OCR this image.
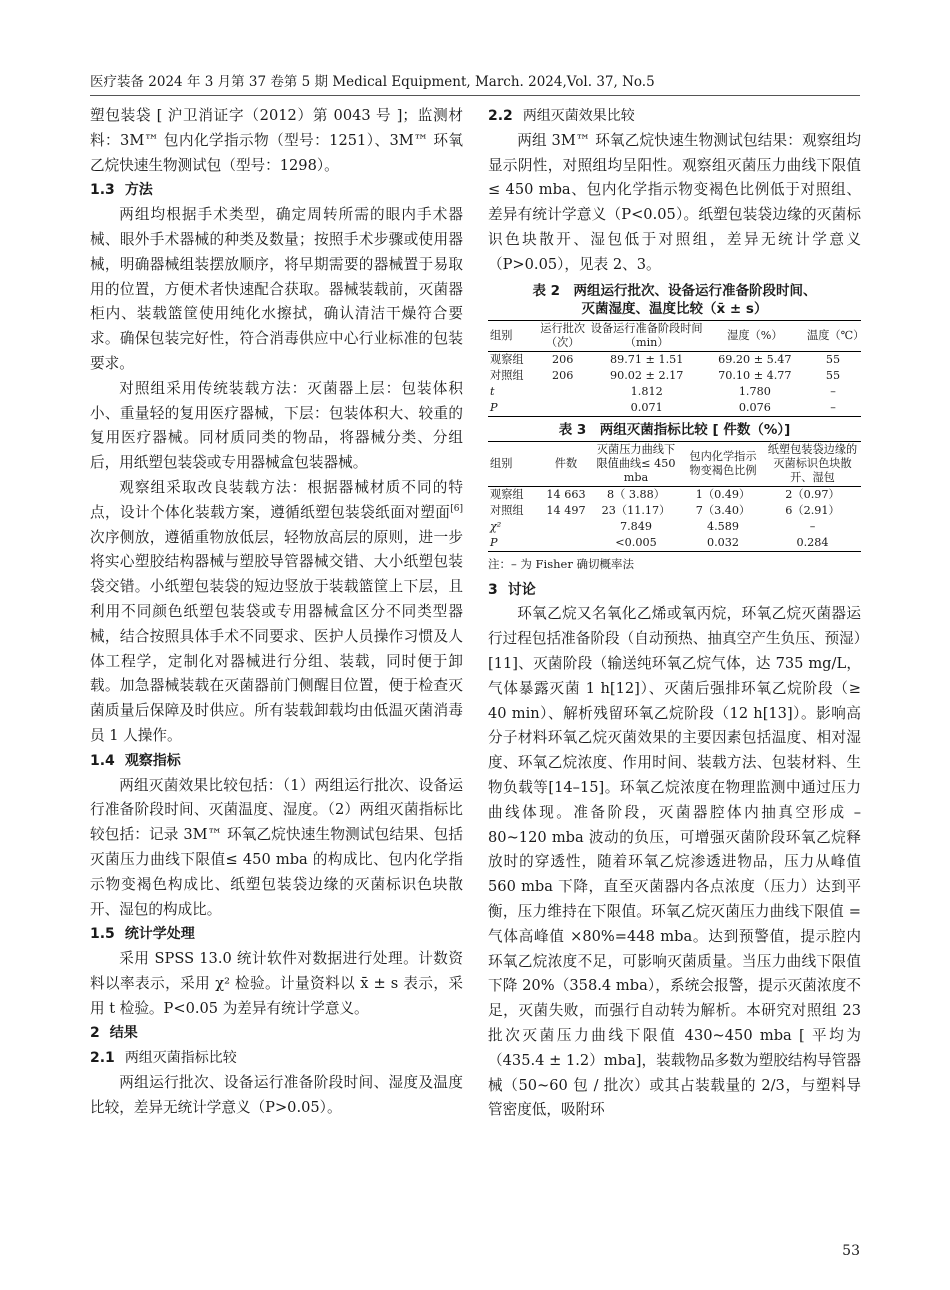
医疗装备 2024 年 3 月第 37 卷第 5 期 Medical Equipment, March. 2024,Vol. 37, No.5

塑包装袋 [ 沪卫消证字（2012）第 0043 号 ]；监测材料：3M™ 包内化学指示物（型号：1251）、3M™ 环氧乙烷快速生物测试包（型号：1298）。

1.3 方法

两组均根据手术类型，确定周转所需的眼内手术器械、眼外手术器械的种类及数量；按照手术步骤或使用器械，明确器械组装摆放顺序，将早期需要的器械置于易取用的位置，方便术者快速配合获取。器械装载前，灭菌器柜内、装载篮筐使用纯化水擦拭，确认清洁干燥符合要求。确保包装完好性，符合消毒供应中心行业标准的包装要求。

对照组采用传统装载方法：灭菌器上层：包装体积小、重量轻的复用医疗器械，下层：包装体积大、较重的复用医疗器械。同材质同类的物品，将器械分类、分组后，用纸塑包装袋或专用器械盒包装器械。

观察组采取改良装载方法：根据器械材质不同的特点，设计个体化装载方案，遵循纸塑包装袋纸面对塑面[6]次序侧放，遵循重物放低层，轻物放高层的原则，进一步将实心塑胶结构器械与塑胶导管器械交错、大小纸塑包装袋交错。小纸塑包装袋的短边竖放于装载篮筐上下层，且利用不同颜色纸塑包装袋或专用器械盒区分不同类型器械，结合按照具体手术不同要求、医护人员操作习惯及人体工程学，定制化对器械进行分组、装载，同时便于卸载。加急器械装载在灭菌器前门侧醒目位置，便于检查灭菌质量后保障及时供应。所有装载卸载均由低温灭菌消毒员 1 人操作。

1.4 观察指标

两组灭菌效果比较包括：（1）两组运行批次、设备运行准备阶段时间、灭菌温度、湿度。（2）两组灭菌指标比较包括：记录 3M™ 环氧乙烷快速生物测试包结果、包括灭菌压力曲线下限值≤ 450 mba 的构成比、包内化学指示物变褐色构成比、纸塑包装袋边缘的灭菌标识色块散开、湿包的构成比。

1.5 统计学处理

采用 SPSS 13.0 统计软件对数据进行处理。计数资料以率表示，采用 χ² 检验。计量资料以 x̄ ± s 表示，采用 t 检验。P<0.05 为差异有统计学意义。

2 结果

2.1 两组灭菌指标比较

两组运行批次、设备运行准备阶段时间、湿度及温度比较，差异无统计学意义（P>0.05）。

2.2 两组灭菌效果比较

两组 3M™ 环氧乙烷快速生物测试包结果：观察组均显示阴性，对照组均呈阳性。观察组灭菌压力曲线下限值≤ 450 mba、包内化学指示物变褐色比例低于对照组、差异有统计学意义（P<0.05）。纸塑包装袋边缘的灭菌标识色块散开、湿包低于对照组，差异无统计学意义（P>0.05），见表 2、3。

表 2　两组运行批次、设备运行准备阶段时间、
灭菌湿度、温度比较（x̄ ± s）
组别	运行批次（次）	设备运行准备阶段时间（min）	湿度（%）	温度（℃）
观察组	206	89.71 ± 1.51	69.20 ± 5.47	55
对照组	206	90.02 ± 2.17	70.10 ± 4.77	55
t		1.812	1.780	–
P		0.071	0.076	–
表 3　两组灭菌指标比较 [ 件数（%）]
组别	件数	灭菌压力曲线下限值曲线≤ 450 mba	包内化学指示物变褐色比例	纸塑包装袋边缘的灭菌标识色块散开、湿包
观察组	14 663	8（ 3.88）	1（0.49）	2（0.97）
对照组	14 497	23（11.17）	7（3.40）	6（2.91）
χ²		7.849	4.589	–
P		<0.005	0.032	0.284
注：– 为 Fisher 确切概率法

3 讨论

环氧乙烷又名氧化乙烯或氧丙烷，环氧乙烷灭菌器运行过程包括准备阶段（自动预热、抽真空产生负压、预湿）[11]、灭菌阶段（输送纯环氧乙烷气体，达 735 mg/L，气体暴露灭菌 1 h[12]）、灭菌后强排环氧乙烷阶段（≥ 40 min）、解析残留环氧乙烷阶段（12 h[13]）。影响高分子材料环氧乙烷灭菌效果的主要因素包括温度、相对湿度、环氧乙烷浓度、作用时间、装载方法、包装材料、生物负载等[14–15]。环氧乙烷浓度在物理监测中通过压力曲线体现。准备阶段，灭菌器腔体内抽真空形成 –80~120 mba 波动的负压，可增强灭菌阶段环氧乙烷释放时的穿透性，随着环氧乙烷渗透进物品，压力从峰值 560 mba 下降，直至灭菌器内各点浓度（压力）达到平衡，压力维持在下限值。环氧乙烷灭菌压力曲线下限值 = 气体高峰值 ×80%=448 mba。达到预警值，提示腔内环氧乙烷浓度不足，可影响灭菌质量。当压力曲线下限值下降 20%（358.4 mba），系统会报警，提示灭菌浓度不足，灭菌失败，而强行自动转为解析。本研究对照组 23 批次灭菌压力曲线下限值 430~450 mba [ 平均为（435.4 ± 1.2）mba]，装载物品多数为塑胶结构导管器械（50~60 包 / 批次）或其占装载量的 2/3，与塑料导管密度低，吸附环

53
